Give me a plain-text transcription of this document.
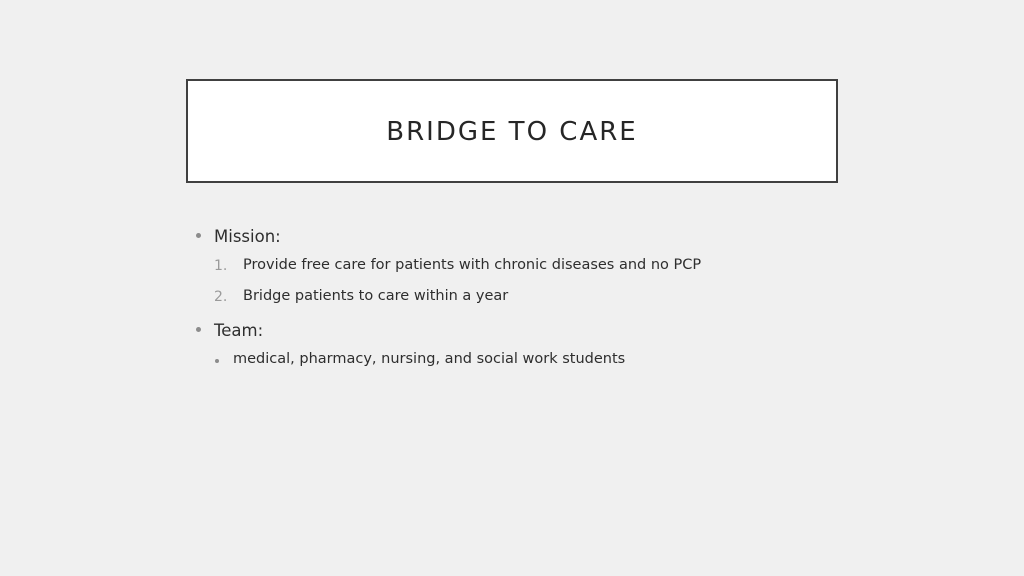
BRIDGE TO CARE
Mission:
1. Provide free care for patients with chronic diseases and no PCP
2. Bridge patients to care within a year
Team:
medical, pharmacy, nursing, and social work students
